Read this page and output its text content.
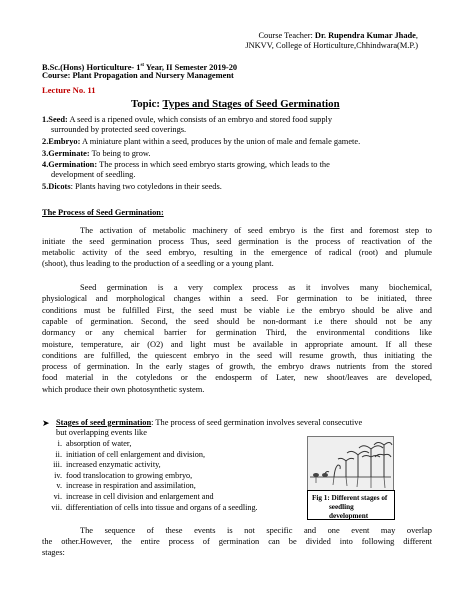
Course Teacher: Dr. Rupendra Kumar Jhade,
JNKVV, College of Horticulture,Chhindwara(M.P.)
B.Sc.(Hons) Horticulture- 1st Year, II Semester 2019-20
Course: Plant Propagation and Nursery Management
Lecture No. 11
Topic: Types and Stages of Seed Germination
1.Seed: A seed is a ripened ovule, which consists of an embryo and stored food supply
surrounded by protected seed coverings.
2.Embryo: A miniature plant within a seed, produces by the union of male and female gamete.
3.Germinate: To being to grow.
4.Germination: The process in which seed embryo starts growing, which leads to the
development of seedling.
5.Dicots: Plants having two cotyledons in their seeds.
The Process of Seed Germination:
The activation of metabolic machinery of seed embryo is the first and foremost step to
initiate the seed germination process Thus, seed germination is the process of reactivation of the
metabolic activity of the seed embryo, resulting in the emergence of radical (root) and plumule
(shoot), thus leading to the production of a seedling or a young plant.
Seed germination is a very complex process as it involves many biochemical,
physiological and morphological changes within a seed. For germination to be initiated, three
conditions must be fulfilled First, the seed must be viable i.e the embryo should be alive and
capable of germination. Second, the seed should be non-dormant i.e there should not be any
dormancy or any chemical barrier for germination Third, the environmental conditions like
moisture, temperature, air (O2) and light must be available in appropriate amount. If all these
conditions are fulfilled, the quiescent embryo in the seed will resume growth, thus initiating the
process of germination. In the early stages of growth, the embryo draws nutrients from the stored
food material in the cotyledons or the endosperm of Later, new shoot/leaves are developed,
which produce their own photosynthetic system.
➤ Stages of seed germination: The process of seed germination involves several consecutive
but overlapping events like
i. absorption of water,
ii. initiation of cell enlargement and division,
iii. increased enzymatic activity,
iv. food translocation to growing embryo,
v. increase in respiration and assimilation,
vi. increase in cell division and enlargement and
vii. differentiation of cells into tissue and organs of a seedling.
Fig 1: Different stages of
seedling development
The sequence of these events is not specific and one event may overlap
the other.However, the entire process of germination can be divided into following different
stages:
